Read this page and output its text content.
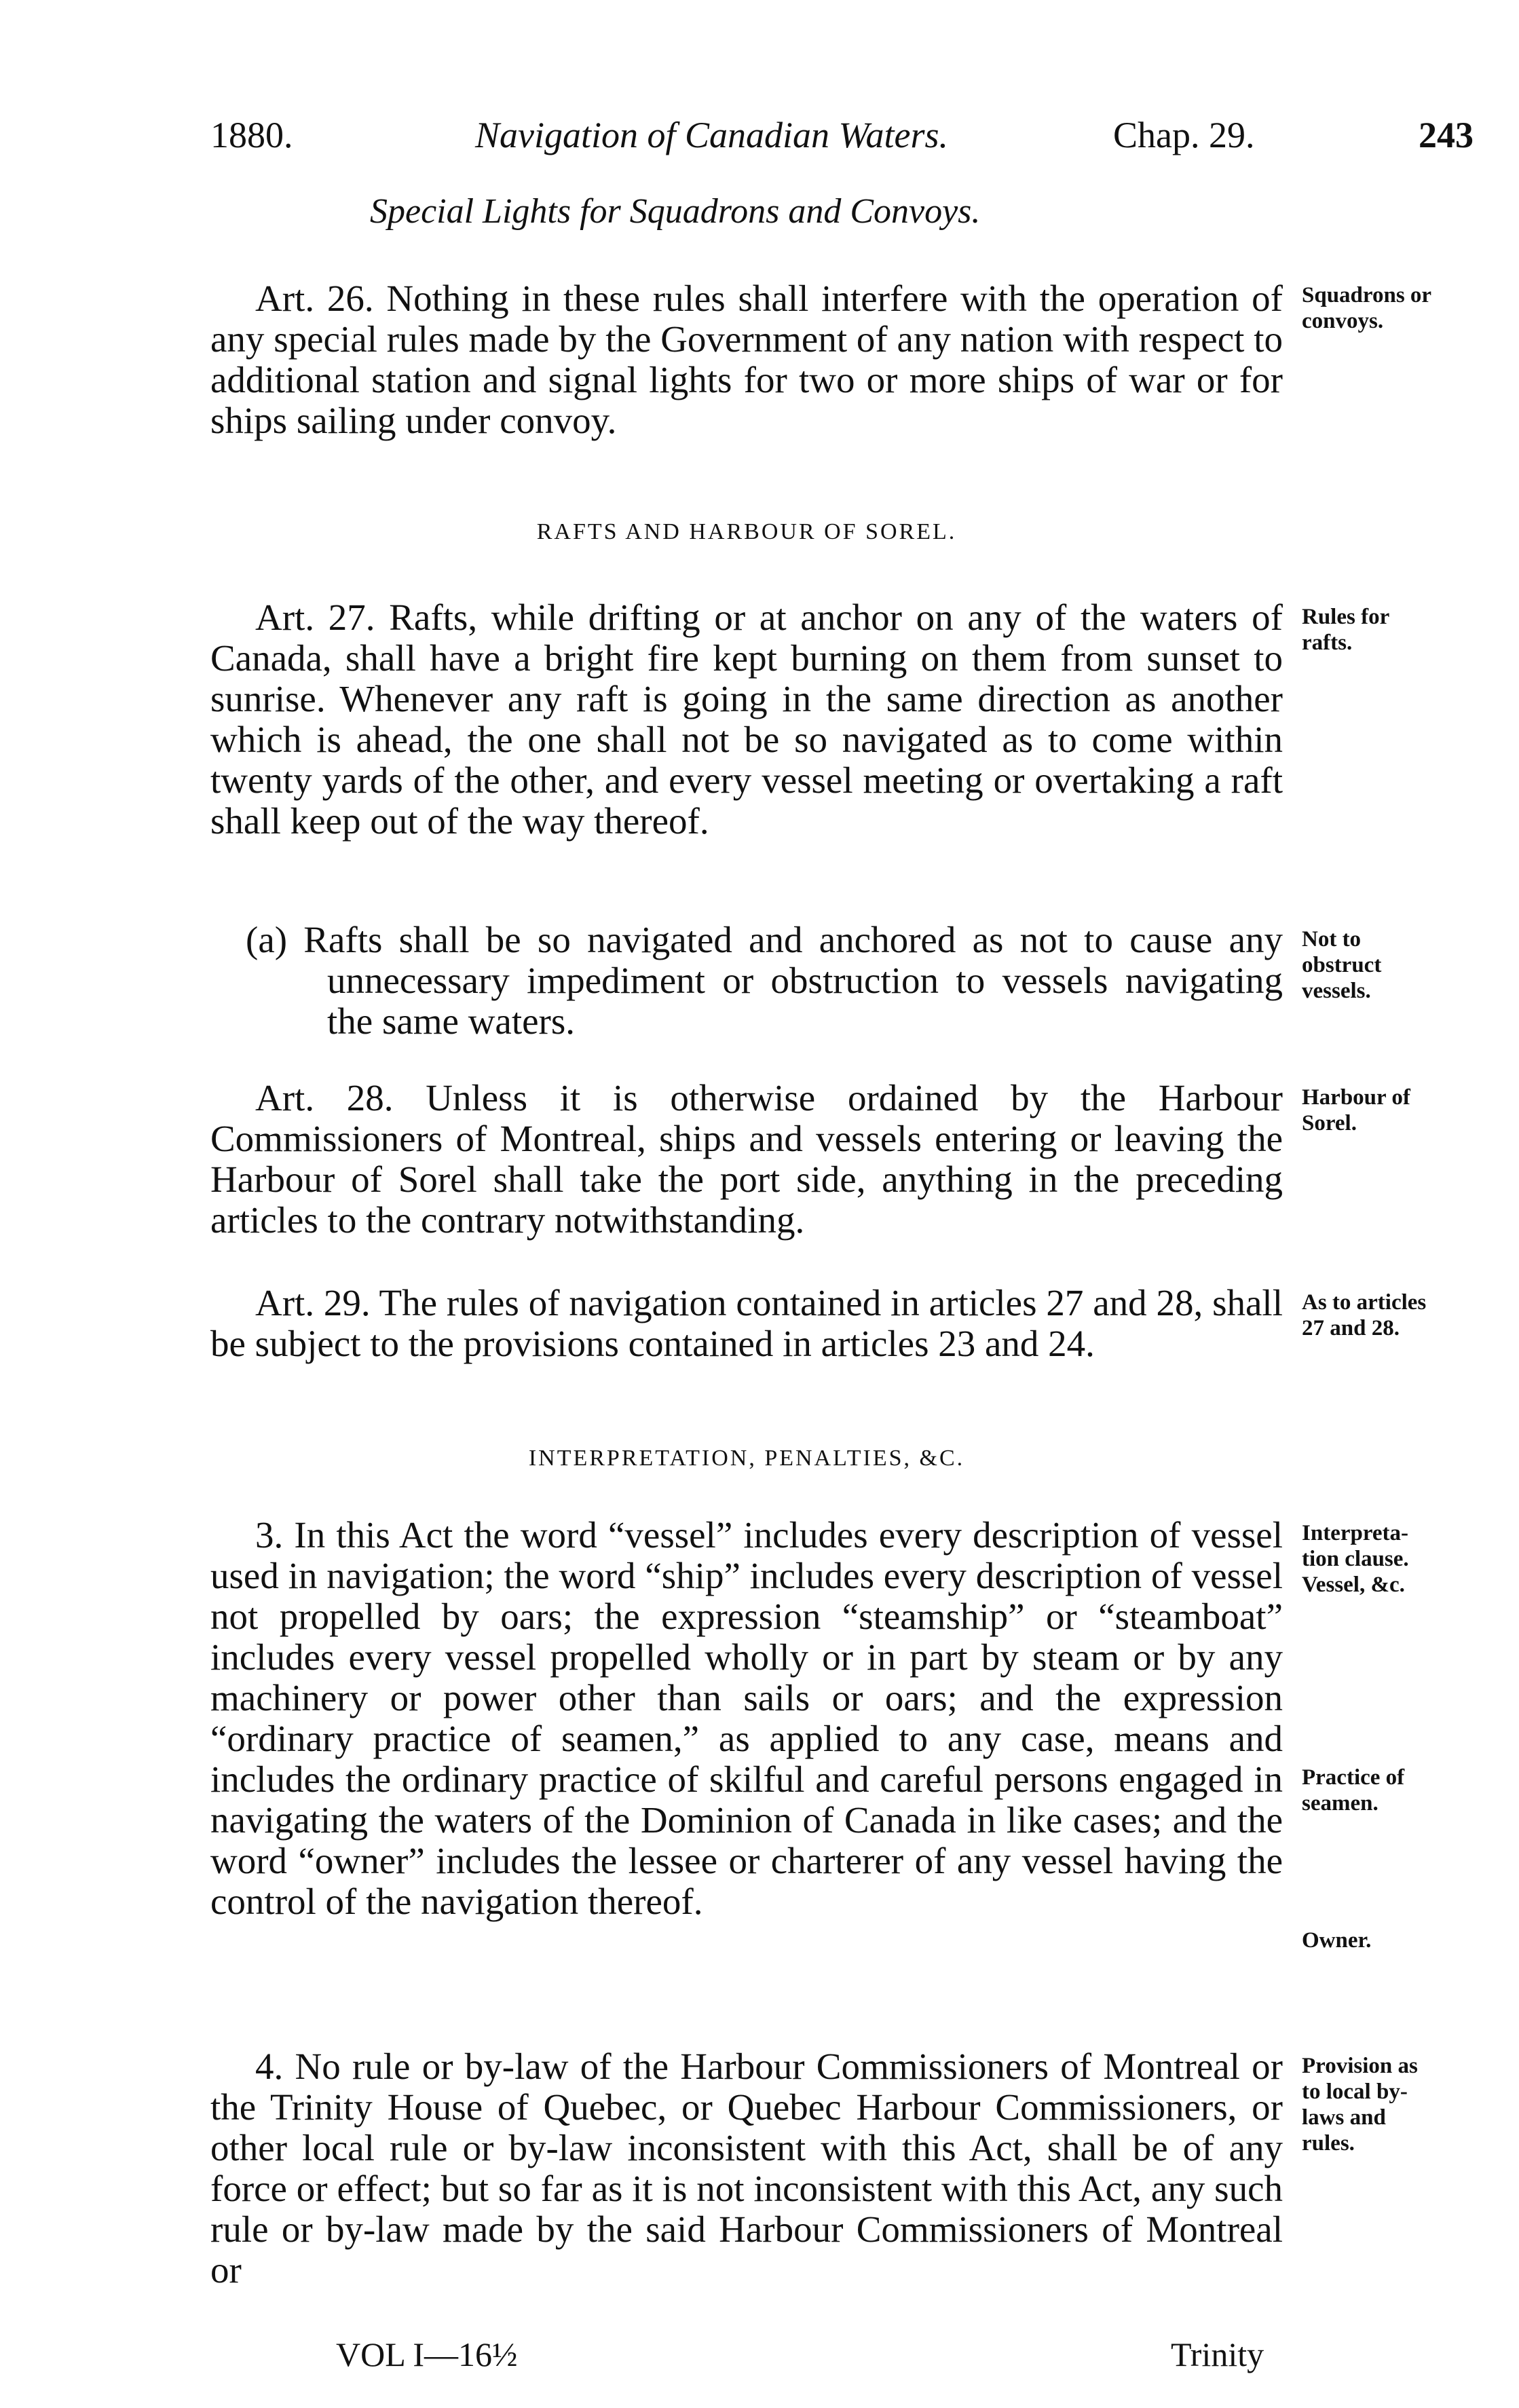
1880.	Navigation of Canadian Waters.	Chap. 29.	243
Special Lights for Squadrons and Convoys.

Art. 26. Nothing in these rules shall interfere with the operation of any special rules made by the Government of any nation with respect to additional station and signal lights for two or more ships of war or for ships sailing under convoy.

Squadrons or
convoys.
RAFTS AND HARBOUR OF SOREL.

Art. 27. Rafts, while drifting or at anchor on any of the waters of Canada, shall have a bright fire kept burning on them from sunset to sunrise. Whenever any raft is going in the same direction as another which is ahead, the one shall not be so navigated as to come within twenty yards of the other, and every vessel meeting or overtaking a raft shall keep out of the way thereof.

Rules for
rafts.

(a) Rafts shall be so navigated and anchored as not to cause any unnecessary impediment or obstruction to vessels navigating the same waters.

Not to
obstruct
vessels.

Art. 28. Unless it is otherwise ordained by the Harbour Commissioners of Montreal, ships and vessels entering or leaving the Harbour of Sorel shall take the port side, anything in the preceding articles to the contrary notwithstanding.

Harbour of
Sorel.

Art. 29. The rules of navigation contained in articles 27 and 28, shall be subject to the provisions contained in articles 23 and 24.

As to articles
27 and 28.
INTERPRETATION, PENALTIES, &C.

3. In this Act the word “vessel” includes every description of vessel used in navigation; the word “ship” includes every description of vessel not propelled by oars; the expression “steamship” or “steamboat” includes every vessel propelled wholly or in part by steam or by any machinery or power other than sails or oars; and the expression “ordinary practice of seamen,” as applied to any case, means and includes the ordinary practice of skilful and careful persons engaged in navigating the waters of the Dominion of Canada in like cases; and the word “owner” includes the lessee or charterer of any vessel having the control of the navigation thereof.

Interpreta-
tion clause.
Vessel, &c.
Practice of
seamen.
Owner.

4. No rule or by-law of the Harbour Commissioners of Montreal or the Trinity House of Quebec, or Quebec Harbour Commissioners, or other local rule or by-law inconsistent with this Act, shall be of any force or effect; but so far as it is not inconsistent with this Act, any such rule or by-law made by the said Harbour Commissioners of Montreal or

Provision as
to local by-
laws and
rules.
VOL I—16½	Trinity
